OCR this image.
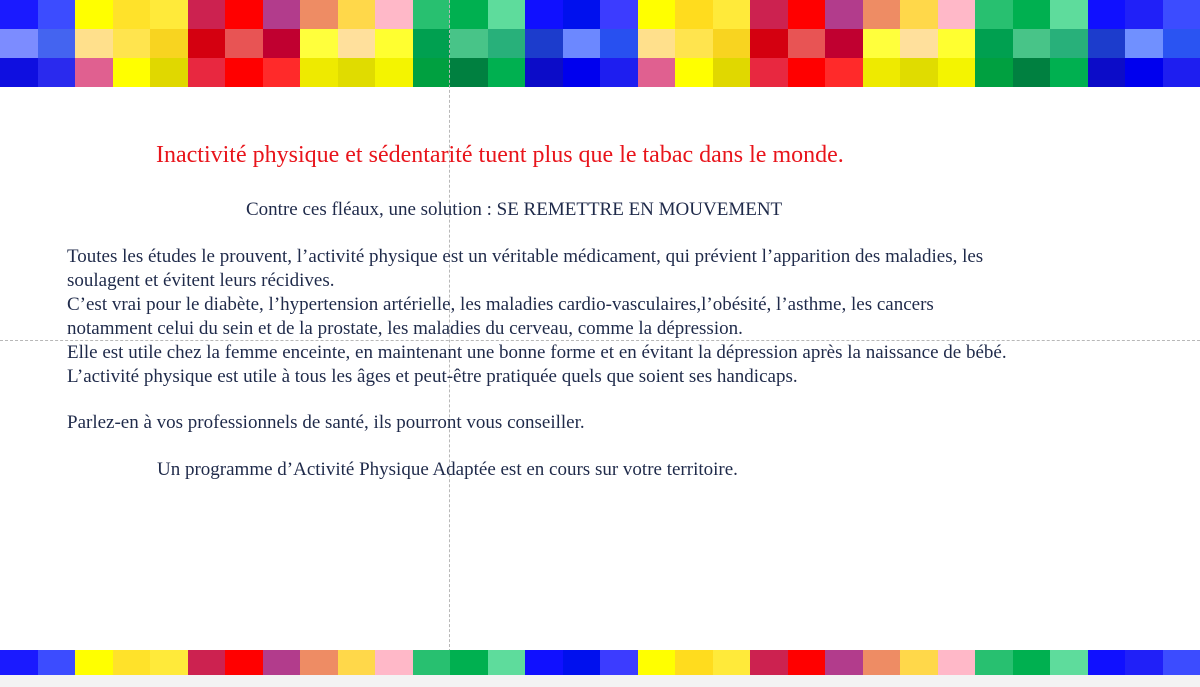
Inactivité physique et sédentarité tuent plus que le tabac dans le monde.
Contre ces fléaux, une solution : SE REMETTRE EN MOUVEMENT
Toutes les études le prouvent, l’activité physique est un véritable médicament, qui prévient l’apparition des maladies, les
soulagent et évitent leurs récidives.
C’est vrai pour le diabète, l’hypertension artérielle, les maladies cardio-vasculaires,l’obésité, l’asthme, les cancers
notamment celui du sein et de la prostate, les maladies du cerveau, comme la dépression.
Elle est utile chez la femme enceinte, en maintenant une bonne forme et en évitant la dépression après la naissance de bébé.
L’activité physique est utile à tous les âges et peut-être pratiquée quels que soient ses handicaps.
Parlez-en à vos professionnels de santé, ils pourront vous conseiller.
Un programme d’Activité Physique Adaptée est en cours sur votre territoire.
